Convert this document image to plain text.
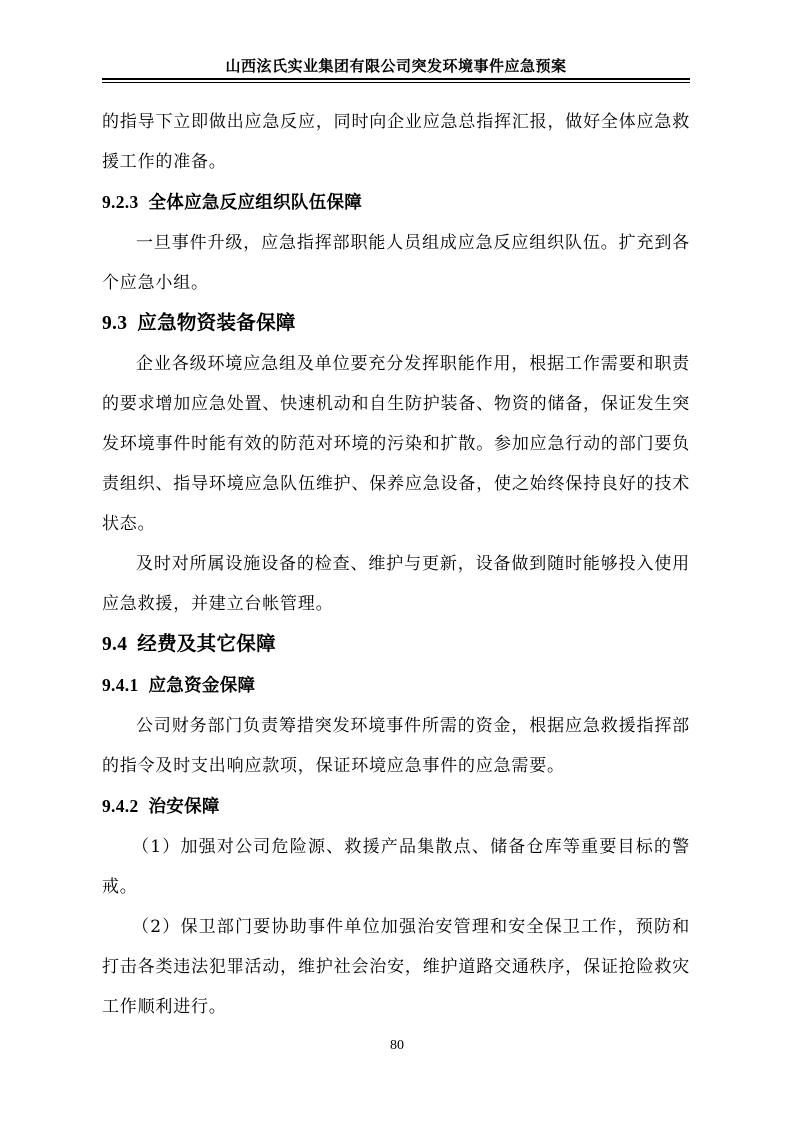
山西泫氏实业集团有限公司突发环境事件应急预案

的指导下立即做出应急反应，同时向企业应急总指挥汇报，做好全体应急救援工作的准备。

9.2.3 全体应急反应组织队伍保障

一旦事件升级，应急指挥部职能人员组成应急反应组织队伍。扩充到各个应急小组。

9.3 应急物资装备保障

企业各级环境应急组及单位要充分发挥职能作用，根据工作需要和职责的要求增加应急处置、快速机动和自生防护装备、物资的储备，保证发生突发环境事件时能有效的防范对环境的污染和扩散。参加应急行动的部门要负责组织、指导环境应急队伍维护、保养应急设备，使之始终保持良好的技术状态。

及时对所属设施设备的检查、维护与更新，设备做到随时能够投入使用应急救援，并建立台帐管理。

9.4 经费及其它保障
9.4.1 应急资金保障

公司财务部门负责筹措突发环境事件所需的资金，根据应急救援指挥部的指令及时支出响应款项，保证环境应急事件的应急需要。

9.4.2 治安保障

（1）加强对公司危险源、救援产品集散点、储备仓库等重要目标的警戒。

（2）保卫部门要协助事件单位加强治安管理和安全保卫工作，预防和打击各类违法犯罪活动，维护社会治安，维护道路交通秩序，保证抢险救灾工作顺利进行。

80
